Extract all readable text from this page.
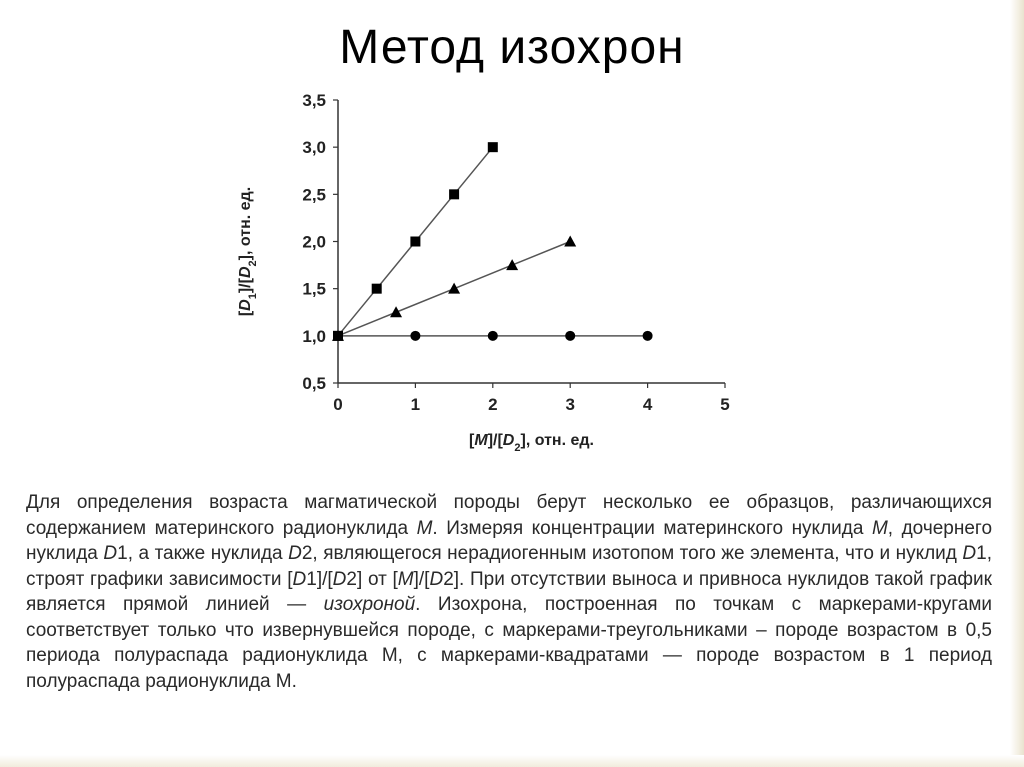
Метод изохрон
0	1	2	3	4	5
0,5
1,0
1,5
2,0
2,5
3,0
3,5
$[M]/[D_2]$, отн. ед.
$[D_1]/[D_2]$, отн. ед.

Для определения возраста магматической породы берут несколько ее образцов, различающихся содержанием материнского радионуклида M. Измеряя концентрации материнского нуклида M, дочернего нуклида D1, а также нуклида D2, являющегося нерадиогенным изотопом того же элемента, что и нуклид D1, строят графики зависимости [D1]/[D2] от [M]/[D2]. При отсутствии выноса и привноса нуклидов такой график является прямой линией — изохроной. Изохрона, построенная по точкам с маркерами-кругами соответствует только что извернувшейся породе, с маркерами-треугольниками – породе возрастом в 0,5 периода полураспада радионуклида М, с маркерами-квадратами — породе возрастом в 1 период полураспада радионуклида М.
